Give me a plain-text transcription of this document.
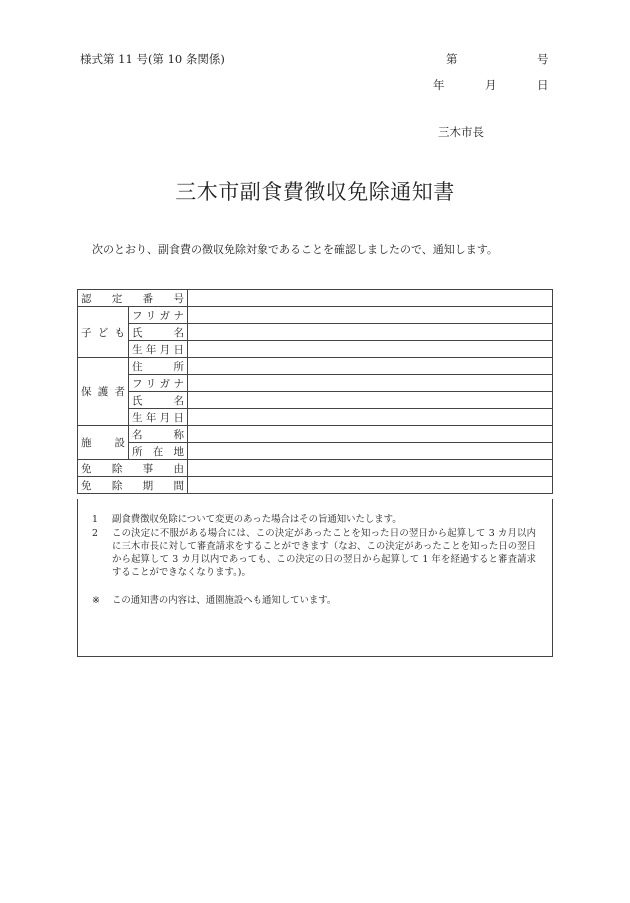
様式第 11 号(第 10 条関係)	第	号
年	月	日
三木市長
三木市副食費徴収免除通知書
次のとおり、副食費の徴収免除対象であることを確認しましたので、通知します。
認 定 番 号		
子 ど も	フリガナ	
	氏 名	
	生年月日	
保 護 者	住 所	
	フリガナ	
	氏 名	
	生年月日	
施 設	名 称	
	所 在 地	
免 除 事 由		
免 除 期 間		
1	副食費徴収免除について変更のあった場合はその旨通知いたします。
2	この決定に不服がある場合には、この決定があったことを知った日の翌日から起算して 3 カ月以内に三木市長に対して審査請求をすることができます（なお、この決定があったことを知った日の翌日から起算して 3 カ月以内であっても、この決定の日の翌日から起算して 1 年を経過すると審査請求することができなくなります。)。
※	この通知書の内容は、通園施設へも通知しています。
